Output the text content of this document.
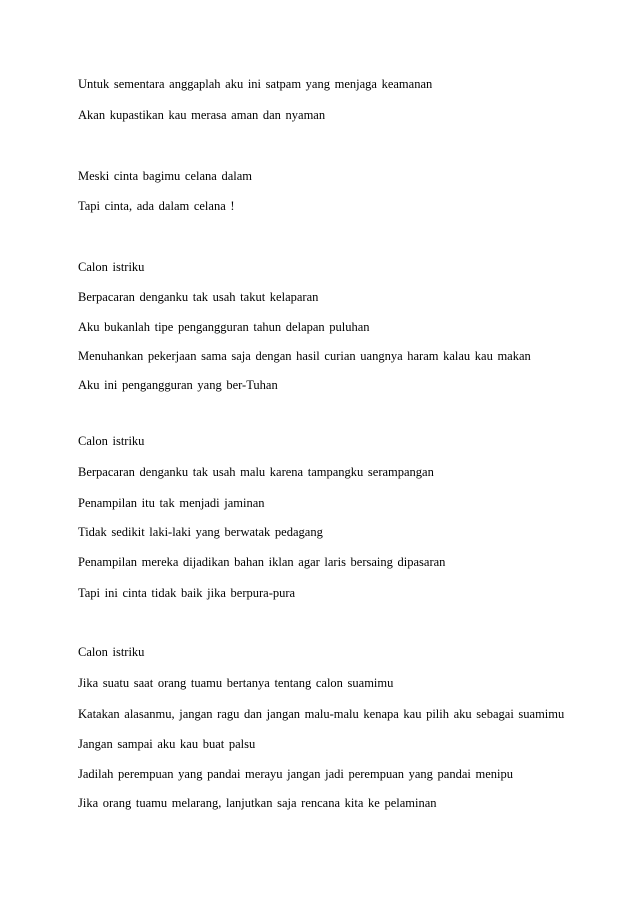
Untuk sementara anggaplah aku ini satpam yang menjaga keamanan

Akan kupastikan kau merasa aman dan nyaman

Meski cinta bagimu celana dalam

Tapi cinta, ada dalam celana !

Calon istriku

Berpacaran denganku tak usah takut kelaparan

Aku bukanlah tipe pengangguran tahun delapan puluhan

Menuhankan pekerjaan sama saja dengan hasil curian uangnya haram kalau kau makan

Aku ini pengangguran yang ber-Tuhan

Calon istriku

Berpacaran denganku tak usah malu karena tampangku serampangan

Penampilan itu tak menjadi jaminan

Tidak sedikit laki-laki yang berwatak pedagang

Penampilan mereka dijadikan bahan iklan agar laris bersaing dipasaran

Tapi ini cinta tidak baik jika berpura-pura

Calon istriku

Jika suatu saat orang tuamu bertanya tentang calon suamimu

Katakan alasanmu, jangan ragu dan jangan malu-malu kenapa kau pilih aku sebagai suamimu

Jangan sampai aku kau buat palsu

Jadilah perempuan yang pandai merayu jangan jadi perempuan yang pandai menipu

Jika orang tuamu melarang, lanjutkan saja rencana kita ke pelaminan
